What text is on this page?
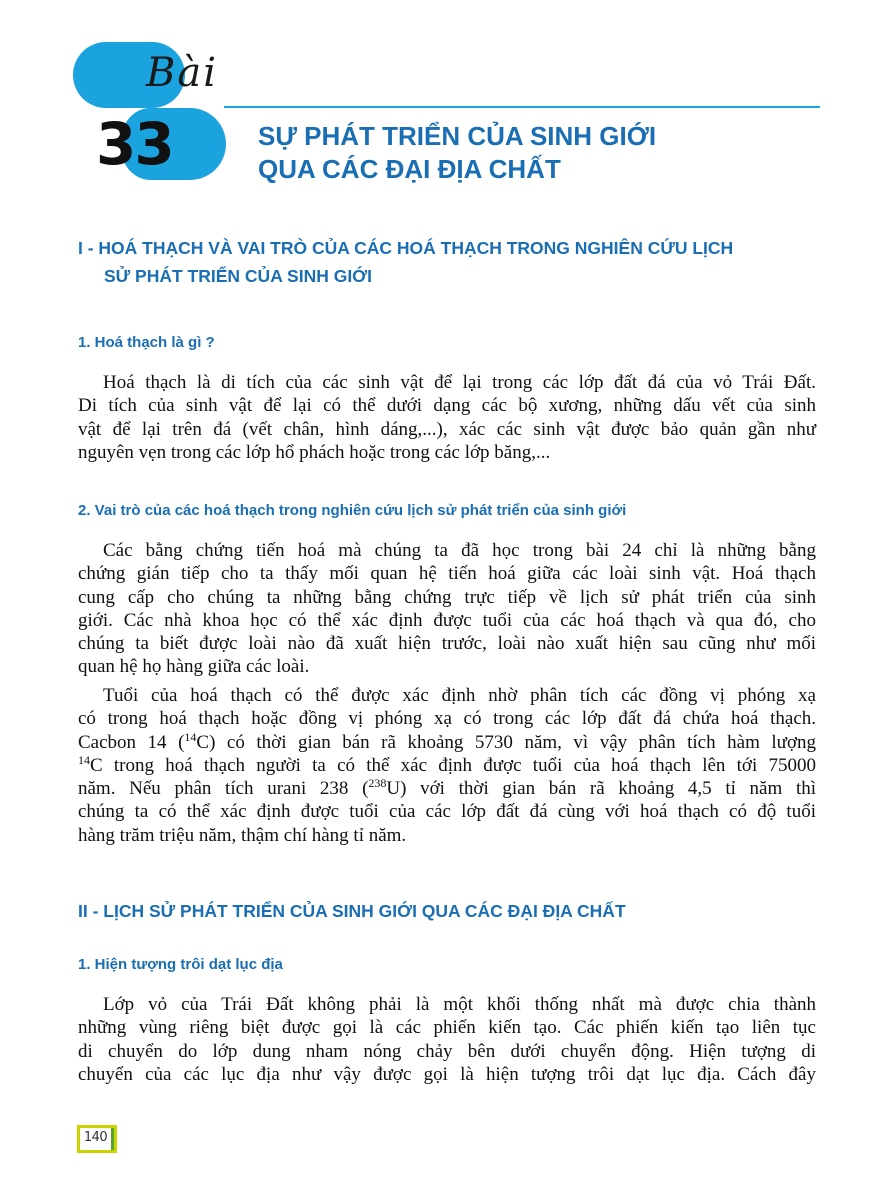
Bài
33	SỰ PHÁT TRIỂN CỦA SINH GIỚI
QUA CÁC ĐẠI ĐỊA CHẤT
I - HOÁ THẠCH VÀ VAI TRÒ CỦA CÁC HOÁ THẠCH TRONG NGHIÊN CỨU LỊCH
SỬ PHÁT TRIỂN CỦA SINH GIỚI
1. Hoá thạch là gì ?
Hoá thạch là di tích của các sinh vật để lại trong các lớp đất đá của vỏ Trái Đất.
Di tích của sinh vật để lại có thể dưới dạng các bộ xương, những dấu vết của sinh
vật để lại trên đá (vết chân, hình dáng,...), xác các sinh vật được bảo quản gần như
nguyên vẹn trong các lớp hổ phách hoặc trong các lớp băng,...
2. Vai trò của các hoá thạch trong nghiên cứu lịch sử phát triển của sinh giới
Các bằng chứng tiến hoá mà chúng ta đã học trong bài 24 chỉ là những bằng
chứng gián tiếp cho ta thấy mối quan hệ tiến hoá giữa các loài sinh vật. Hoá thạch
cung cấp cho chúng ta những bằng chứng trực tiếp về lịch sử phát triển của sinh
giới. Các nhà khoa học có thể xác định được tuổi của các hoá thạch và qua đó, cho
chúng ta biết được loài nào đã xuất hiện trước, loài nào xuất hiện sau cũng như mối
quan hệ họ hàng giữa các loài.
Tuổi của hoá thạch có thể được xác định nhờ phân tích các đồng vị phóng xạ
có trong hoá thạch hoặc đồng vị phóng xạ có trong các lớp đất đá chứa hoá thạch.
Cacbon 14 ($^{14}$C) có thời gian bán rã khoảng 5730 năm, vì vậy phân tích hàm lượng
$^{14}$C trong hoá thạch người ta có thể xác định được tuổi của hoá thạch lên tới 75000
năm. Nếu phân tích urani 238 ($^{238}$U) với thời gian bán rã khoảng 4,5 tỉ năm thì
chúng ta có thể xác định được tuổi của các lớp đất đá cùng với hoá thạch có độ tuổi
hàng trăm triệu năm, thậm chí hàng tỉ năm.
II - LỊCH SỬ PHÁT TRIỂN CỦA SINH GIỚI QUA CÁC ĐẠI ĐỊA CHẤT
1. Hiện tượng trôi dạt lục địa
Lớp vỏ của Trái Đất không phải là một khối thống nhất mà được chia thành
những vùng riêng biệt được gọi là các phiến kiến tạo. Các phiến kiến tạo liên tục
di chuyển do lớp dung nham nóng chảy bên dưới chuyển động. Hiện tượng di
chuyển của các lục địa như vậy được gọi là hiện tượng trôi dạt lục địa. Cách đây
140
